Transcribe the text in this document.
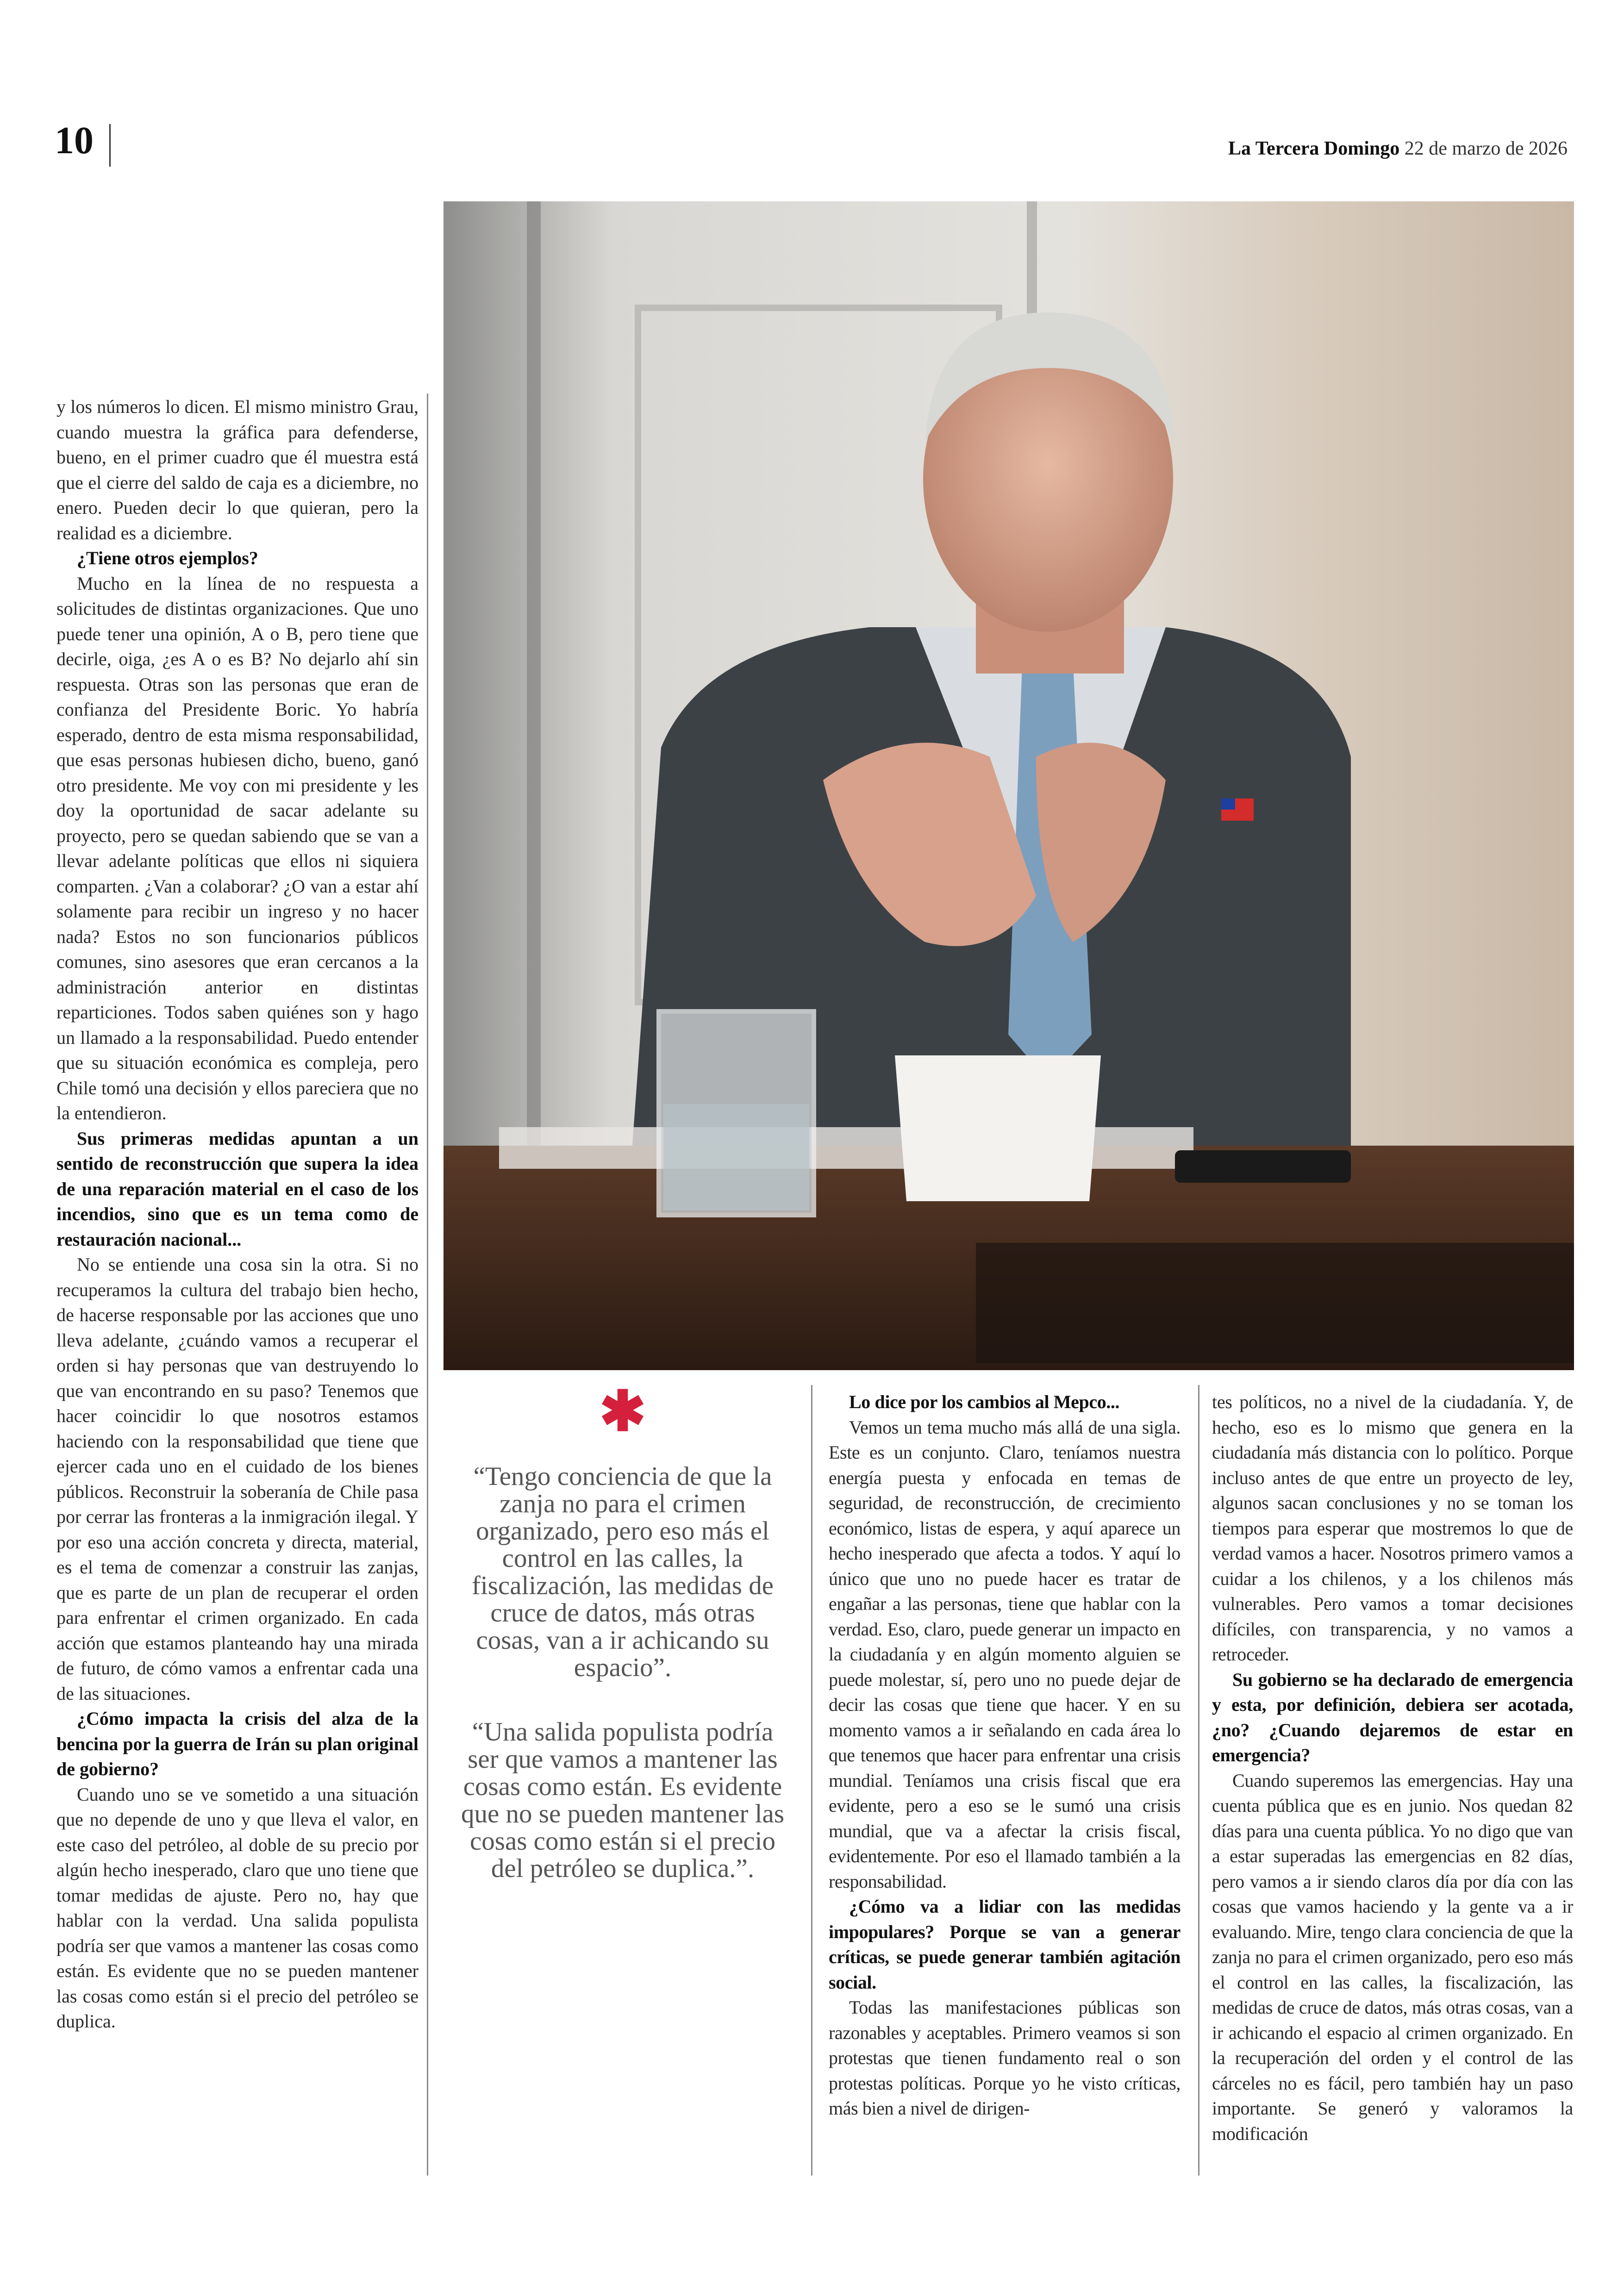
10	La Tercera Domingo 22 de marzo de 2026

y los números lo dicen. El mismo ministro Grau, cuando muestra la gráfica para defenderse, bueno, en el primer cuadro que él muestra está que el cierre del saldo de caja es a diciembre, no enero. Pueden decir lo que quieran, pero la realidad es a diciembre.

¿Tiene otros ejemplos?

Mucho en la línea de no respuesta a solicitudes de distintas organizaciones. Que uno puede tener una opinión, A o B, pero tiene que decirle, oiga, ¿es A o es B? No dejarlo ahí sin respuesta. Otras son las personas que eran de confianza del Presidente Boric. Yo habría esperado, dentro de esta misma responsabilidad, que esas personas hubiesen dicho, bueno, ganó otro presidente. Me voy con mi presidente y les doy la oportunidad de sacar adelante su proyecto, pero se quedan sabiendo que se van a llevar adelante políticas que ellos ni siquiera comparten. ¿Van a colaborar? ¿O van a estar ahí solamente para recibir un ingreso y no hacer nada? Estos no son funcionarios públicos comunes, sino asesores que eran cercanos a la administración anterior en distintas reparticiones. Todos saben quiénes son y hago un llamado a la responsabilidad. Puedo entender que su situación económica es compleja, pero Chile tomó una decisión y ellos pareciera que no la entendieron.

Sus primeras medidas apuntan a un sentido de reconstrucción que supera la idea de una reparación material en el caso de los incendios, sino que es un tema como de restauración nacional...

No se entiende una cosa sin la otra. Si no recuperamos la cultura del trabajo bien hecho, de hacerse responsable por las acciones que uno lleva adelante, ¿cuándo vamos a recuperar el orden si hay personas que van destruyendo lo que van encontrando en su paso? Tenemos que hacer coincidir lo que nosotros estamos haciendo con la responsabilidad que tiene que ejercer cada uno en el cuidado de los bienes públicos. Reconstruir la soberanía de Chile pasa por cerrar las fronteras a la inmigración ilegal. Y por eso una acción concreta y directa, material, es el tema de comenzar a construir las zanjas, que es parte de un plan de recuperar el orden para enfrentar el crimen organizado. En cada acción que estamos planteando hay una mirada de futuro, de cómo vamos a enfrentar cada una de las situaciones.

¿Cómo impacta la crisis del alza de la bencina por la guerra de Irán su plan original de gobierno?

Cuando uno se ve sometido a una situación que no depende de uno y que lleva el valor, en este caso del petróleo, al doble de su precio por algún hecho inesperado, claro que uno tiene que tomar medidas de ajuste. Pero no, hay que hablar con la verdad. Una salida populista podría ser que vamos a mantener las cosas como están. Es evidente que no se pueden mantener las cosas como están si el precio del petróleo se duplica.

✱

“Tengo conciencia de que la zanja no para el crimen organizado, pero eso más el control en las calles, la fiscalización, las medidas de cruce de datos, más otras cosas, van a ir achicando su espacio”.

“Una salida populista podría ser que vamos a mantener las cosas como están. Es evidente que no se pueden mantener las cosas como están si el precio del petróleo se duplica.”.

Lo dice por los cambios al Mepco...

Vemos un tema mucho más allá de una sigla. Este es un conjunto. Claro, teníamos nuestra energía puesta y enfocada en temas de seguridad, de reconstrucción, de crecimiento económico, listas de espera, y aquí aparece un hecho inesperado que afecta a todos. Y aquí lo único que uno no puede hacer es tratar de engañar a las personas, tiene que hablar con la verdad. Eso, claro, puede generar un impacto en la ciudadanía y en algún momento alguien se puede molestar, sí, pero uno no puede dejar de decir las cosas que tiene que hacer. Y en su momento vamos a ir señalando en cada área lo que tenemos que hacer para enfrentar una crisis mundial. Teníamos una crisis fiscal que era evidente, pero a eso se le sumó una crisis mundial, que va a afectar la crisis fiscal, evidentemente. Por eso el llamado también a la responsabilidad.

¿Cómo va a lidiar con las medidas impopulares? Porque se van a generar críticas, se puede generar también agitación social.

Todas las manifestaciones públicas son razonables y aceptables. Primero veamos si son protestas que tienen fundamento real o son protestas políticas. Porque yo he visto críticas, más bien a nivel de dirigen-

tes políticos, no a nivel de la ciudadanía. Y, de hecho, eso es lo mismo que genera en la ciudadanía más distancia con lo político. Porque incluso antes de que entre un proyecto de ley, algunos sacan conclusiones y no se toman los tiempos para esperar que mostremos lo que de verdad vamos a hacer. Nosotros primero vamos a cuidar a los chilenos, y a los chilenos más vulnerables. Pero vamos a tomar decisiones difíciles, con transparencia, y no vamos a retroceder.

Su gobierno se ha declarado de emergencia y esta, por definición, debiera ser acotada, ¿no? ¿Cuando dejaremos de estar en emergencia?

Cuando superemos las emergencias. Hay una cuenta pública que es en junio. Nos quedan 82 días para una cuenta pública. Yo no digo que van a estar superadas las emergencias en 82 días, pero vamos a ir siendo claros día por día con las cosas que vamos haciendo y la gente va a ir evaluando. Mire, tengo clara conciencia de que la zanja no para el crimen organizado, pero eso más el control en las calles, la fiscalización, las medidas de cruce de datos, más otras cosas, van a ir achicando el espacio al crimen organizado. En la recuperación del orden y el control de las cárceles no es fácil, pero también hay un paso importante. Se generó y valoramos la modificación
